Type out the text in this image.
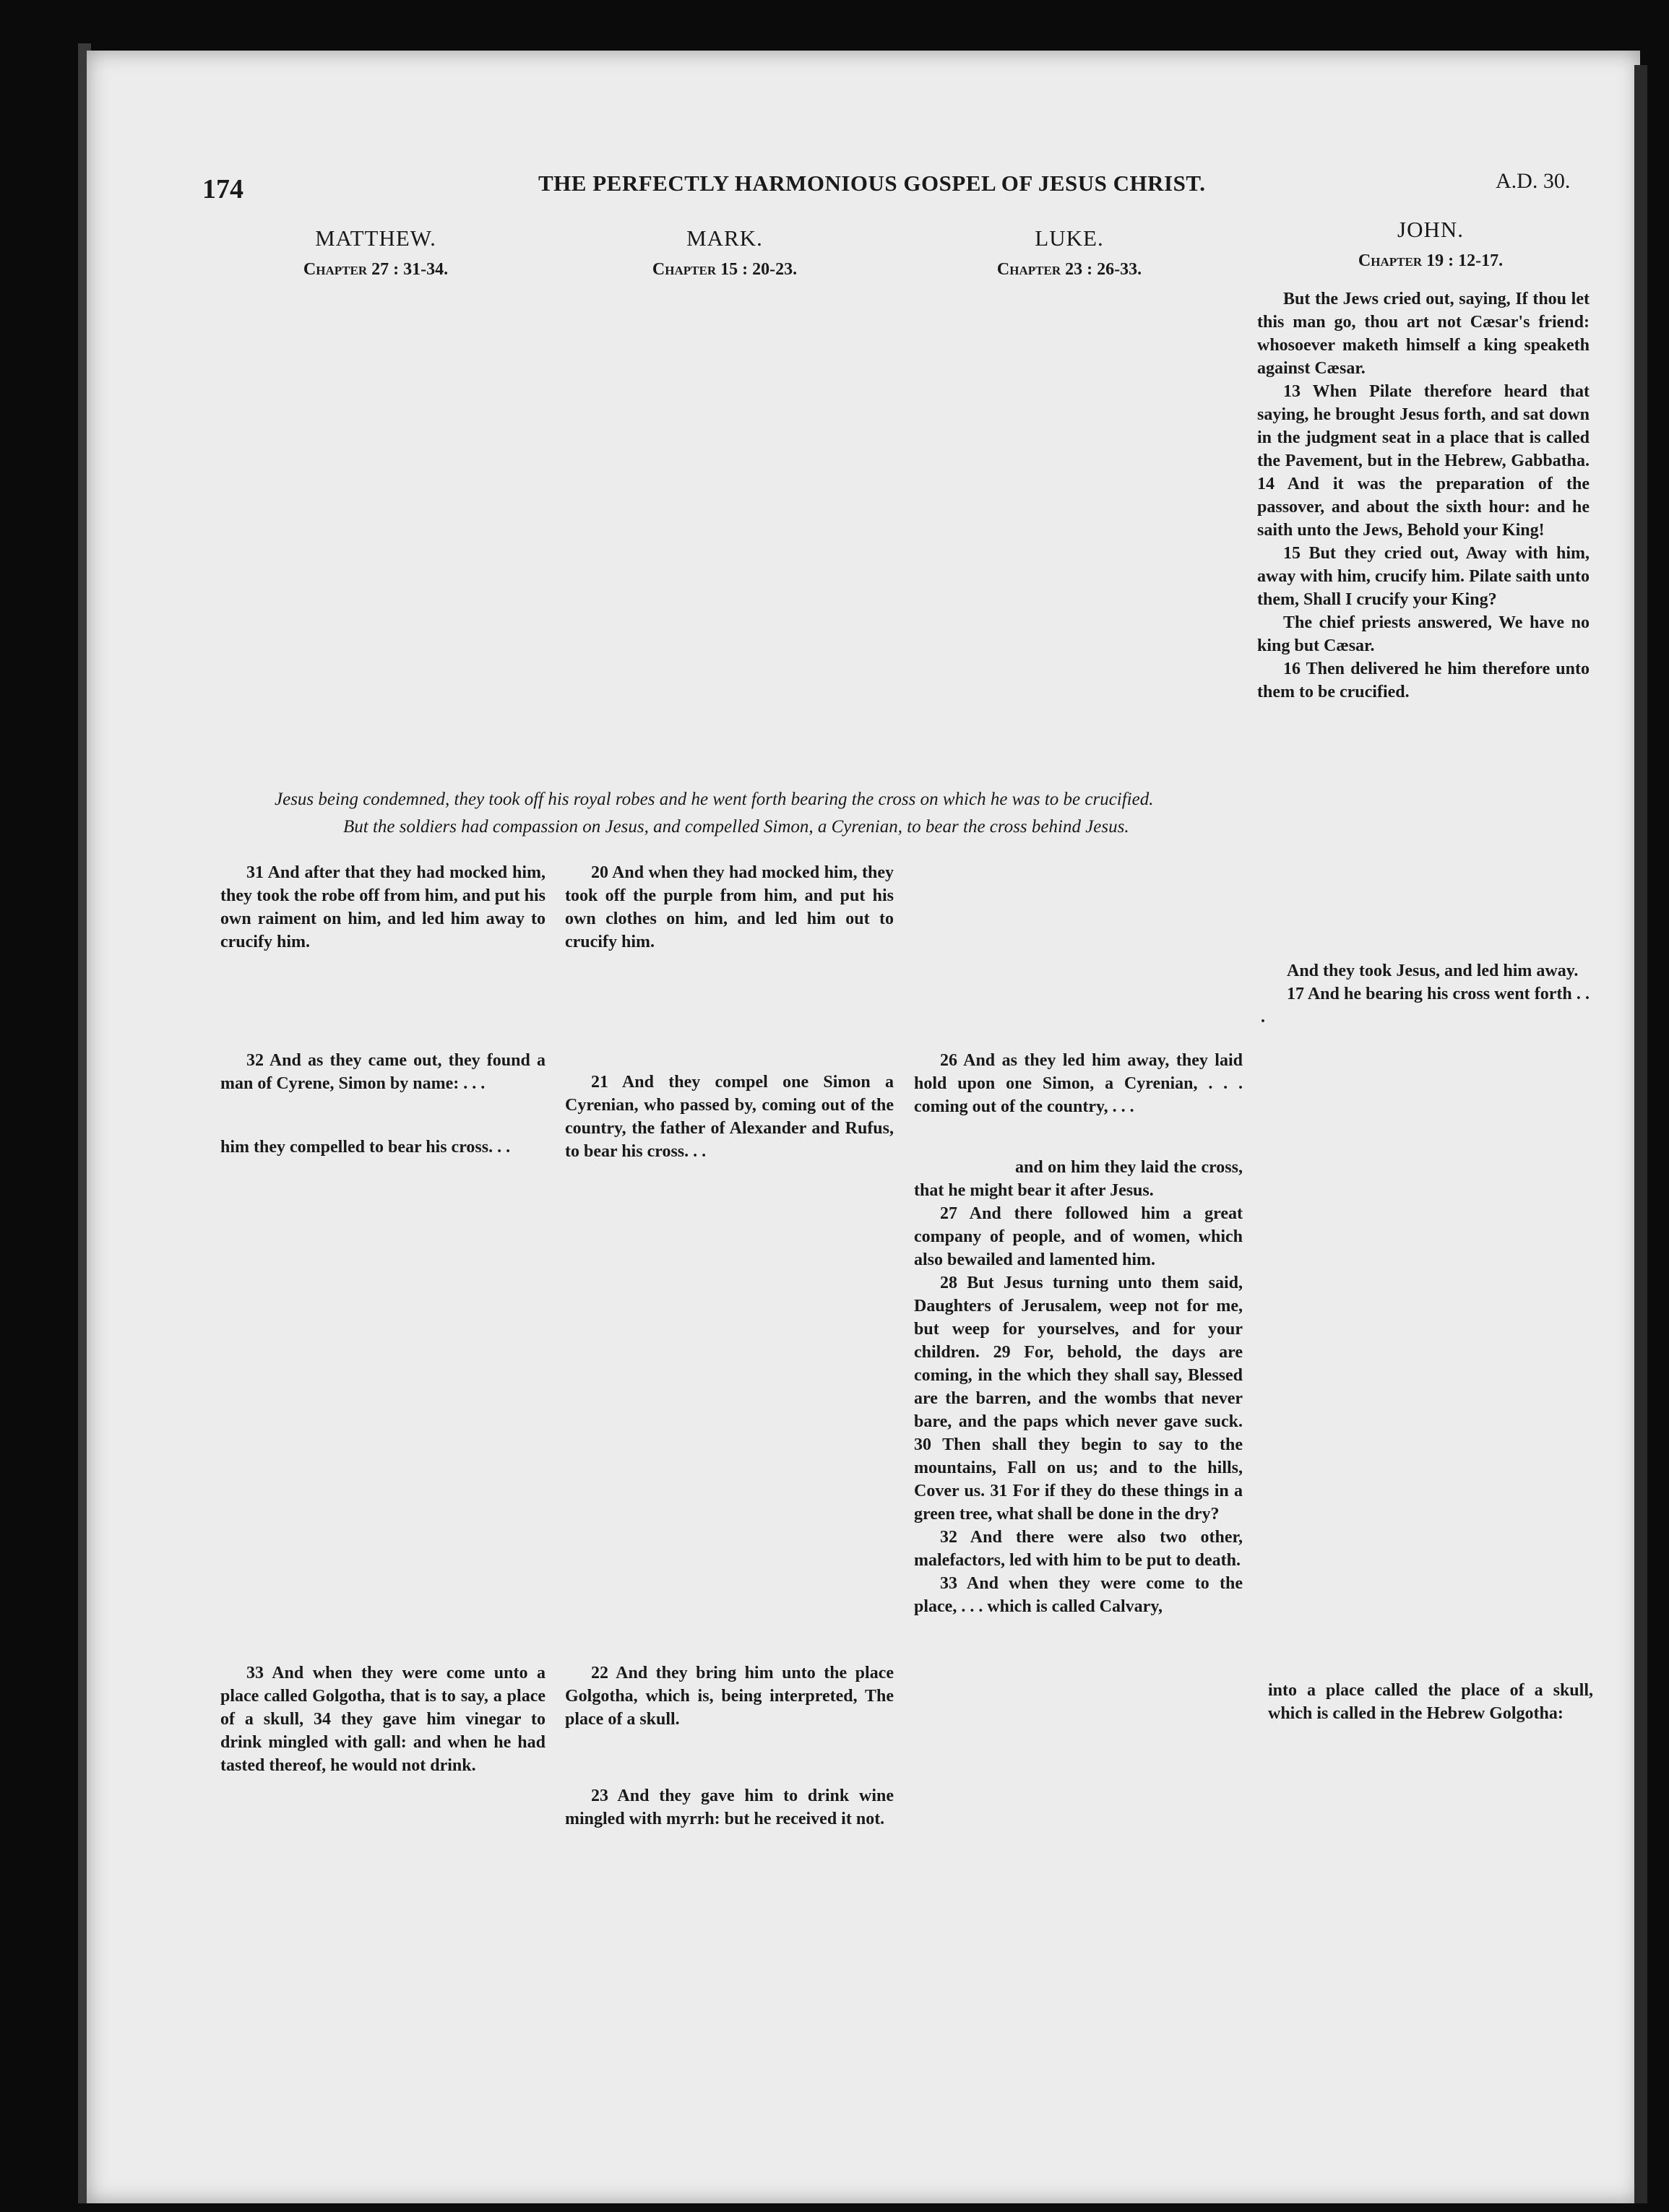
174	THE PERFECTLY HARMONIOUS GOSPEL OF JESUS CHRIST.	A.D. 30.
MATTHEW.
Chapter 27 : 31-34.
MARK.
Chapter 15 : 20-23.
LUKE.
Chapter 23 : 26-33.
JOHN.
Chapter 19 : 12-17.

But the Jews cried out, saying, If thou let this man go, thou art not Cæsar's friend: whosoever maketh himself a king speaketh against Cæsar.

13 When Pilate therefore heard that saying, he brought Jesus forth, and sat down in the judgment seat in a place that is called the Pavement, but in the Hebrew, Gabbatha. 14 And it was the preparation of the passover, and about the sixth hour: and he saith unto the Jews, Behold your King!

15 But they cried out, Away with him, away with him, crucify him. Pilate saith unto them, Shall I crucify your King?

The chief priests answered, We have no king but Cæsar.

16 Then delivered he him therefore unto them to be crucified.

Jesus being condemned, they took off his royal robes and he went forth bearing the cross on which he was to be crucified.
But the soldiers had compassion on Jesus, and compelled Simon, a Cyrenian, to bear the cross behind Jesus.

31 And after that they had mocked him, they took the robe off from him, and put his own raiment on him, and led him away to crucify him.

32 And as they came out, they found a man of Cyrene, Simon by name: . . .

him they compelled to bear his cross. . .

33 And when they were come unto a place called Golgotha, that is to say, a place of a skull, 34 they gave him vinegar to drink mingled with gall: and when he had tasted thereof, he would not drink.

20 And when they had mocked him, they took off the purple from him, and put his own clothes on him, and led him out to crucify him.

21 And they compel one Simon a Cyrenian, who passed by, coming out of the country, the father of Alexander and Rufus, to bear his cross. . .

22 And they bring him unto the place Golgotha, which is, being interpreted, The place of a skull.

23 And they gave him to drink wine mingled with myrrh: but he received it not.

26 And as they led him away, they laid hold upon one Simon, a Cyrenian, . . . coming out of the country, . . .

and on him they laid the cross, that he might bear it after Jesus.

27 And there followed him a great company of people, and of women, which also bewailed and lamented him.

28 But Jesus turning unto them said, Daughters of Jerusalem, weep not for me, but weep for yourselves, and for your children. 29 For, behold, the days are coming, in the which they shall say, Blessed are the barren, and the wombs that never bare, and the paps which never gave suck. 30 Then shall they begin to say to the mountains, Fall on us; and to the hills, Cover us. 31 For if they do these things in a green tree, what shall be done in the dry?

32 And there were also two other, malefactors, led with him to be put to death.

33 And when they were come to the place, . . . which is called Calvary,

And they took Jesus, and led him away.

17 And he bearing his cross went forth . . .

into a place called the place of a skull, which is called in the Hebrew Golgotha:
